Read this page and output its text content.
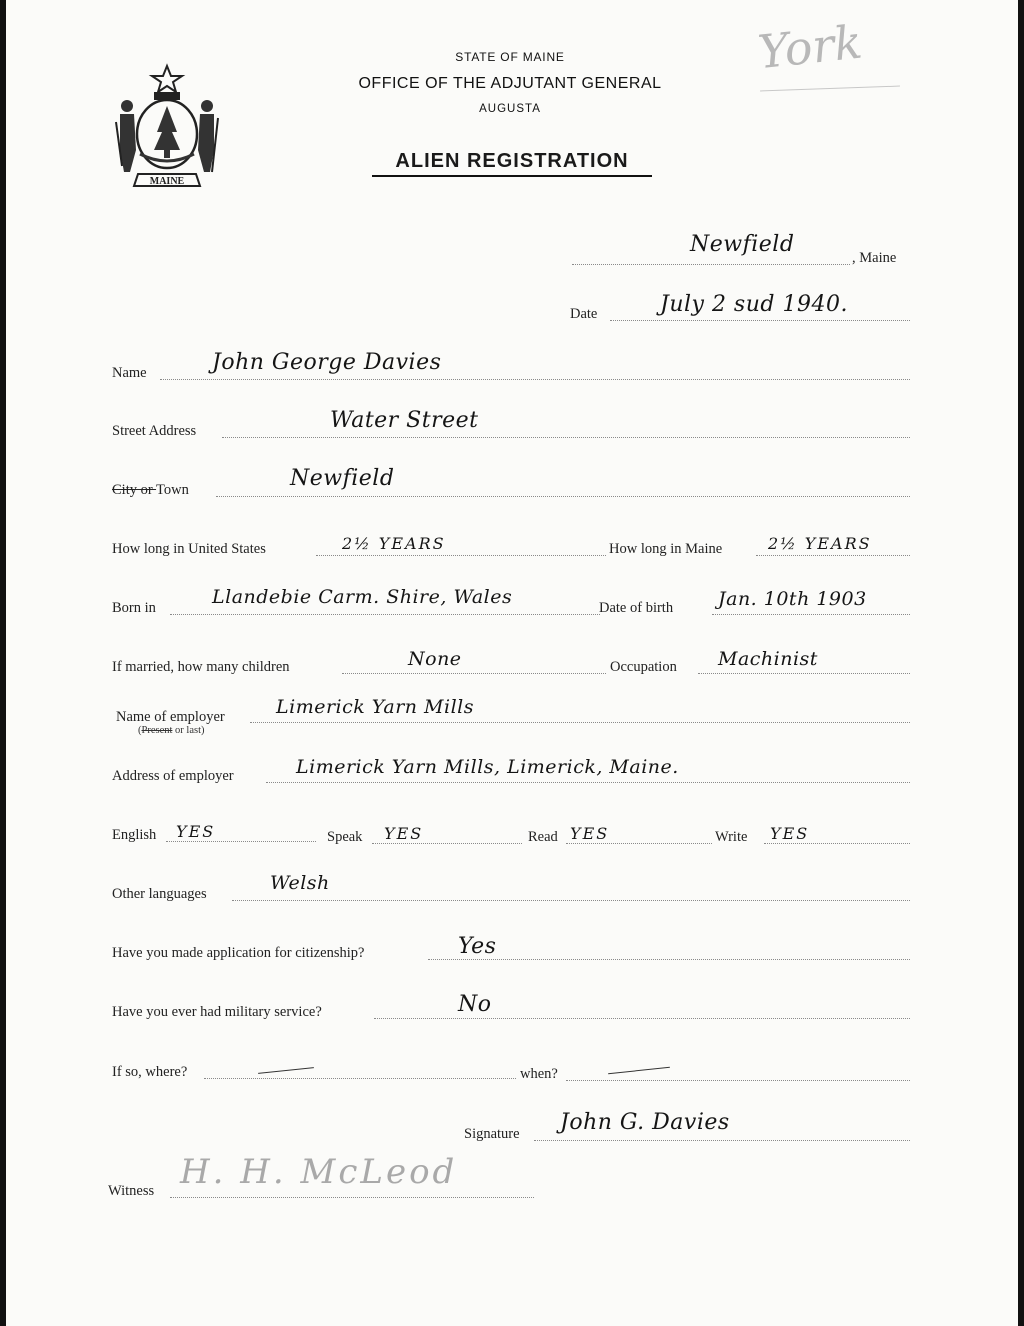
MAINE
STATE OF MAINE
OFFICE OF THE ADJUTANT GENERAL
AUGUSTA
ALIEN REGISTRATION
York
Newfield
, Maine
Date	July 2 sud 1940.
Name	John George Davies
Street Address	Water Street
City or Town	Newfield
How long in United States	2½ YEARS	How long in Maine	2½ YEARS
Born in	Llandebie Carm. Shire, Wales	Date of birth Jan. 10th 1903
If married, how many children	None	Occupation Machinist
Name of employer
(Present or last)
Limerick Yarn Mills
Address of employer	Limerick Yarn Mills, Limerick, Maine.
English YES	Speak YES	Read YES	Write YES
Other languages	Welsh
Have you made application for citizenship?	Yes
Have you ever had military service?	No
If so, where?	when?
Signature John G. Davies
Witness H. H. McLeod
